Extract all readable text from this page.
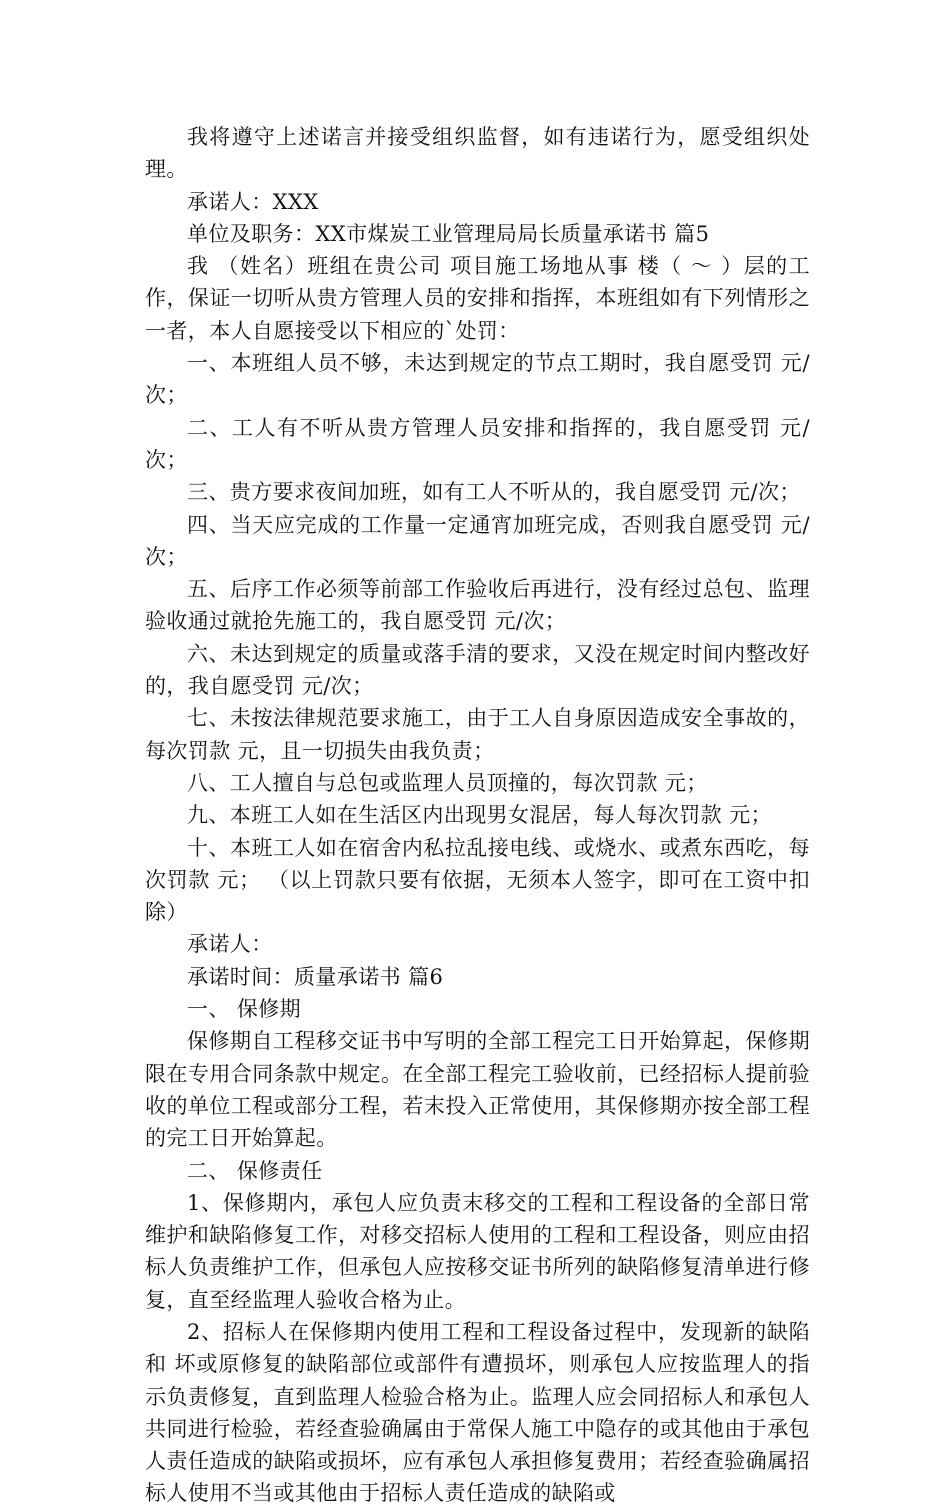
我将遵守上述诺言并接受组织监督，如有违诺行为，愿受组织处理。

承诺人：XXX

单位及职务：XX市煤炭工业管理局局长质量承诺书 篇5

我 （姓名）班组在贵公司 项目施工场地从事 楼（ ～ ）层的工作，保证一切听从贵方管理人员的安排和指挥，本班组如有下列情形之一者，本人自愿接受以下相应的`处罚：

一、本班组人员不够，未达到规定的节点工期时，我自愿受罚 元/次；

二、工人有不听从贵方管理人员安排和指挥的，我自愿受罚 元/次；

三、贵方要求夜间加班，如有工人不听从的，我自愿受罚 元/次；

四、当天应完成的工作量一定通宵加班完成，否则我自愿受罚 元/次；

五、后序工作必须等前部工作验收后再进行，没有经过总包、监理验收通过就抢先施工的，我自愿受罚 元/次；

六、未达到规定的质量或落手清的要求，又没在规定时间内整改好的，我自愿受罚 元/次；

七、未按法律规范要求施工，由于工人自身原因造成安全事故的，每次罚款 元，且一切损失由我负责；

八、工人擅自与总包或监理人员顶撞的，每次罚款 元；

九、本班工人如在生活区内出现男女混居，每人每次罚款 元；

十、本班工人如在宿舍内私拉乱接电线、或烧水、或煮东西吃，每次罚款 元； （以上罚款只要有依据，无须本人签字，即可在工资中扣除）

承诺人：

承诺时间：质量承诺书 篇6

一、 保修期

保修期自工程移交证书中写明的全部工程完工日开始算起，保修期限在专用合同条款中规定。在全部工程完工验收前，已经招标人提前验收的单位工程或部分工程，若末投入正常使用，其保修期亦按全部工程的完工日开始算起。

二、 保修责任

1、保修期内，承包人应负责末移交的工程和工程设备的全部日常维护和缺陷修复工作，对移交招标人使用的工程和工程设备，则应由招标人负责维护工作，但承包人应按移交证书所列的缺陷修复清单进行修复，直至经监理人验收合格为止。

2、招标人在保修期内使用工程和工程设备过程中，发现新的缺陷和 坏或原修复的缺陷部位或部件有遭损坏，则承包人应按监理人的指示负责修复，直到监理人检验合格为止。监理人应会同招标人和承包人共同进行检验，若经查验确属由于常保人施工中隐存的或其他由于承包人责任造成的缺陷或损坏，应有承包人承担修复费用；若经查验确属招标人使用不当或其他由于招标人责任造成的缺陷或
